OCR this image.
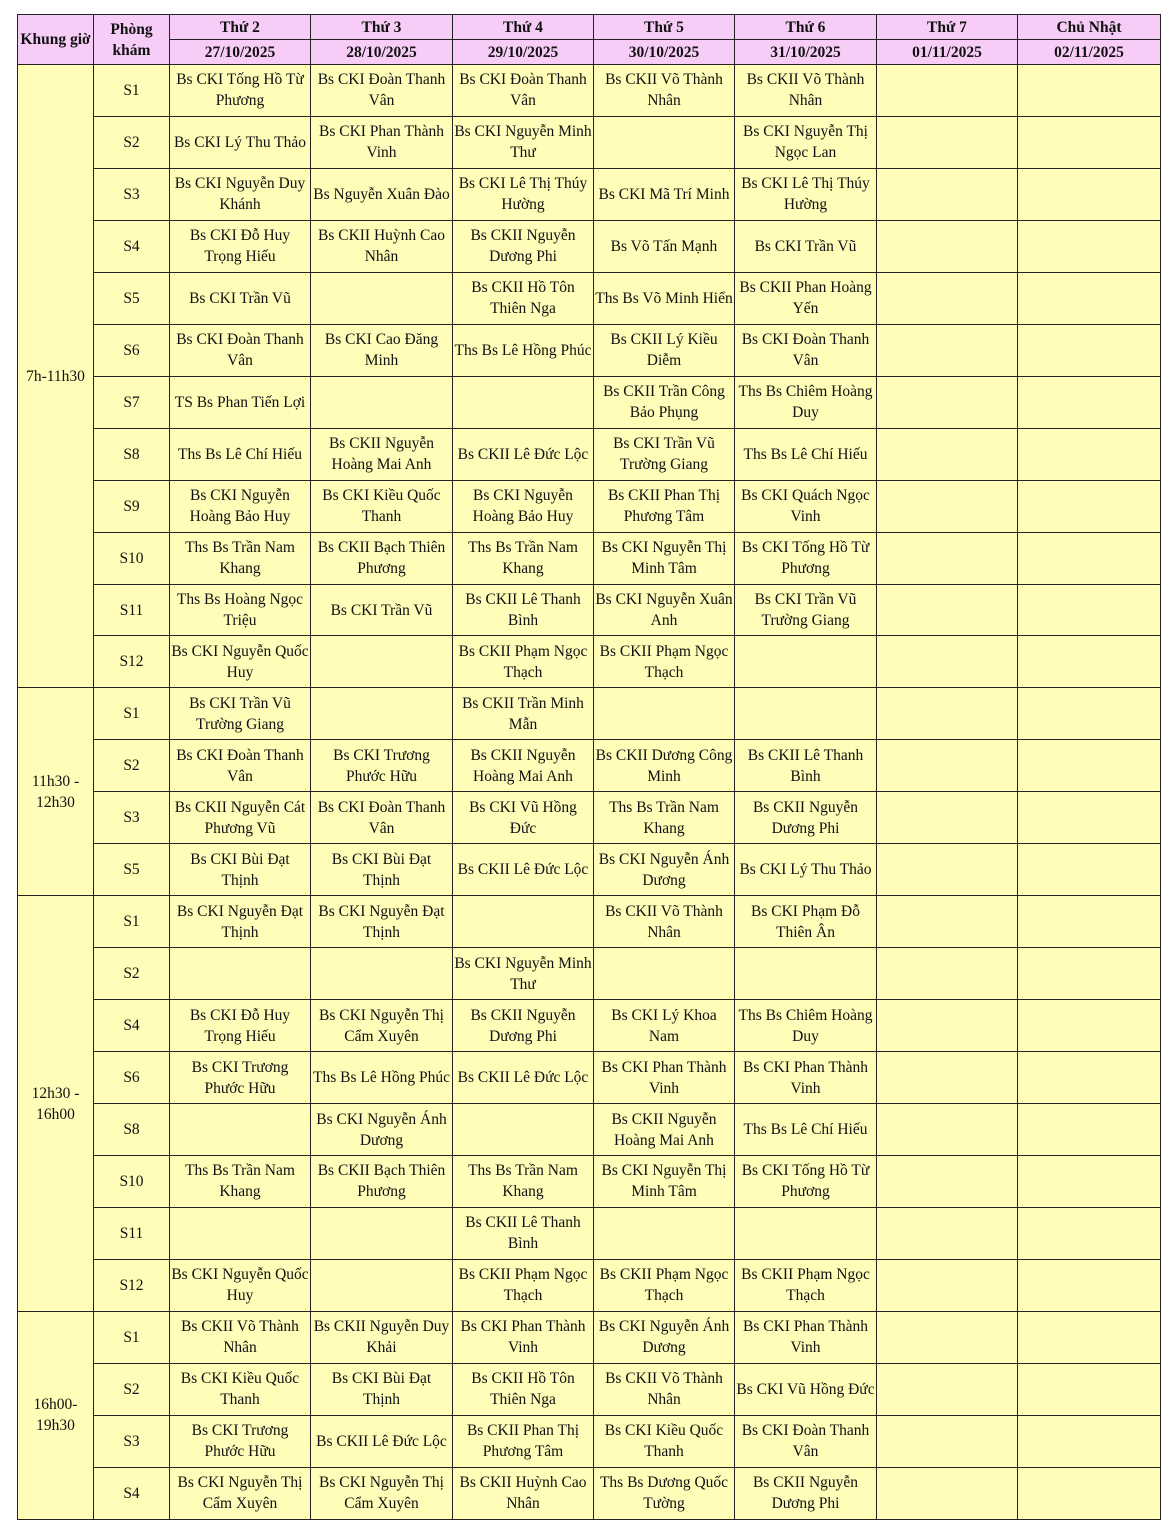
Khung giờ	Phòng khám	Thứ 2	Thứ 3	Thứ 4	Thứ 5	Thứ 6	Thứ 7	Chủ Nhật
		27/10/2025	28/10/2025	29/10/2025	30/10/2025	31/10/2025	01/11/2025	02/11/2025
7h-11h30	S1	Bs CKI Tống Hồ Từ Phương	Bs CKI Đoàn Thanh Vân	Bs CKI Đoàn Thanh Vân	Bs CKII Võ Thành Nhân	Bs CKII Võ Thành Nhân		
	S2	Bs CKI Lý Thu Thảo	Bs CKI Phan Thành Vinh	Bs CKI Nguyễn Minh Thư		Bs CKI Nguyễn Thị Ngọc Lan		
	S3	Bs CKI Nguyễn Duy Khánh	Bs Nguyễn Xuân Đào	Bs CKI Lê Thị Thúy Hường	Bs CKI Mã Trí Minh	Bs CKI Lê Thị Thúy Hường		
	S4	Bs CKI Đỗ Huy Trọng Hiếu	Bs CKII Huỳnh Cao Nhân	Bs CKII Nguyễn Dương Phi	Bs Võ Tấn Mạnh	Bs CKI Trần Vũ		
	S5	Bs CKI Trần Vũ		Bs CKII Hồ Tôn Thiên Nga	Ths Bs Võ Minh Hiển	Bs CKII Phan Hoàng Yến		
	S6	Bs CKI Đoàn Thanh Vân	Bs CKI Cao Đăng Minh	Ths Bs Lê Hồng Phúc	Bs CKII Lý Kiều Diễm	Bs CKI Đoàn Thanh Vân		
	S7	TS Bs Phan Tiến Lợi			Bs CKII Trần Công Bảo Phụng	Ths Bs Chiêm Hoàng Duy		
	S8	Ths Bs Lê Chí Hiếu	Bs CKII Nguyễn Hoàng Mai Anh	Bs CKII Lê Đức Lộc	Bs CKI Trần Vũ Trường Giang	Ths Bs Lê Chí Hiếu		
	S9	Bs CKI Nguyễn Hoàng Bảo Huy	Bs CKI Kiều Quốc Thanh	Bs CKI Nguyễn Hoàng Bảo Huy	Bs CKII Phan Thị Phương Tâm	Bs CKI Quách Ngọc Vinh		
	S10	Ths Bs Trần Nam Khang	Bs CKII Bạch Thiên Phương	Ths Bs Trần Nam Khang	Bs CKI Nguyễn Thị Minh Tâm	Bs CKI Tống Hồ Từ Phương		
	S11	Ths Bs Hoàng Ngọc Triệu	Bs CKI Trần Vũ	Bs CKII Lê Thanh Bình	Bs CKI Nguyễn Xuân Anh	Bs CKI Trần Vũ Trường Giang		
	S12	Bs CKI Nguyễn Quốc Huy		Bs CKII Phạm Ngọc Thạch	Bs CKII Phạm Ngọc Thạch			
11h30 - 12h30	S1	Bs CKI Trần Vũ Trường Giang		Bs CKII Trần Minh Mẫn				
	S2	Bs CKI Đoàn Thanh Vân	Bs CKI Trương Phước Hữu	Bs CKII Nguyễn Hoàng Mai Anh	Bs CKII Dương Công Minh	Bs CKII Lê Thanh Bình		
	S3	Bs CKII Nguyễn Cát Phương Vũ	Bs CKI Đoàn Thanh Vân	Bs CKI Vũ Hồng Đức	Ths Bs Trần Nam Khang	Bs CKII Nguyễn Dương Phi		
	S5	Bs CKI Bùi Đạt Thịnh	Bs CKI Bùi Đạt Thịnh	Bs CKII Lê Đức Lộc	Bs CKI Nguyễn Ánh Dương	Bs CKI Lý Thu Thảo		
12h30 - 16h00	S1	Bs CKI Nguyễn Đạt Thịnh	Bs CKI Nguyễn Đạt Thịnh		Bs CKII Võ Thành Nhân	Bs CKI Phạm Đỗ Thiên Ân		
	S2			Bs CKI Nguyễn Minh Thư				
	S4	Bs CKI Đỗ Huy Trọng Hiếu	Bs CKI Nguyễn Thị Cẩm Xuyên	Bs CKII Nguyễn Dương Phi	Bs CKI Lý Khoa Nam	Ths Bs Chiêm Hoàng Duy		
	S6	Bs CKI Trương Phước Hữu	Ths Bs Lê Hồng Phúc	Bs CKII Lê Đức Lộc	Bs CKI Phan Thành Vinh	Bs CKI Phan Thành Vinh		
	S8		Bs CKI Nguyễn Ánh Dương		Bs CKII Nguyễn Hoàng Mai Anh	Ths Bs Lê Chí Hiếu		
	S10	Ths Bs Trần Nam Khang	Bs CKII Bạch Thiên Phương	Ths Bs Trần Nam Khang	Bs CKI Nguyễn Thị Minh Tâm	Bs CKI Tống Hồ Từ Phương		
	S11			Bs CKII Lê Thanh Bình				
	S12	Bs CKI Nguyễn Quốc Huy		Bs CKII Phạm Ngọc Thạch	Bs CKII Phạm Ngọc Thạch	Bs CKII Phạm Ngọc Thạch		
16h00- 19h30	S1	Bs CKII Võ Thành Nhân	Bs CKII Nguyễn Duy Khải	Bs CKI Phan Thành Vinh	Bs CKI Nguyễn Ánh Dương	Bs CKI Phan Thành Vinh		
	S2	Bs CKI Kiều Quốc Thanh	Bs CKI Bùi Đạt Thịnh	Bs CKII Hồ Tôn Thiên Nga	Bs CKII Võ Thành Nhân	Bs CKI Vũ Hồng Đức		
	S3	Bs CKI Trương Phước Hữu	Bs CKII Lê Đức Lộc	Bs CKII Phan Thị Phương Tâm	Bs CKI Kiều Quốc Thanh	Bs CKI Đoàn Thanh Vân		
	S4	Bs CKI Nguyễn Thị Cẩm Xuyên	Bs CKI Nguyễn Thị Cẩm Xuyên	Bs CKII Huỳnh Cao Nhân	Ths Bs Dương Quốc Tường	Bs CKII Nguyễn Dương Phi		
